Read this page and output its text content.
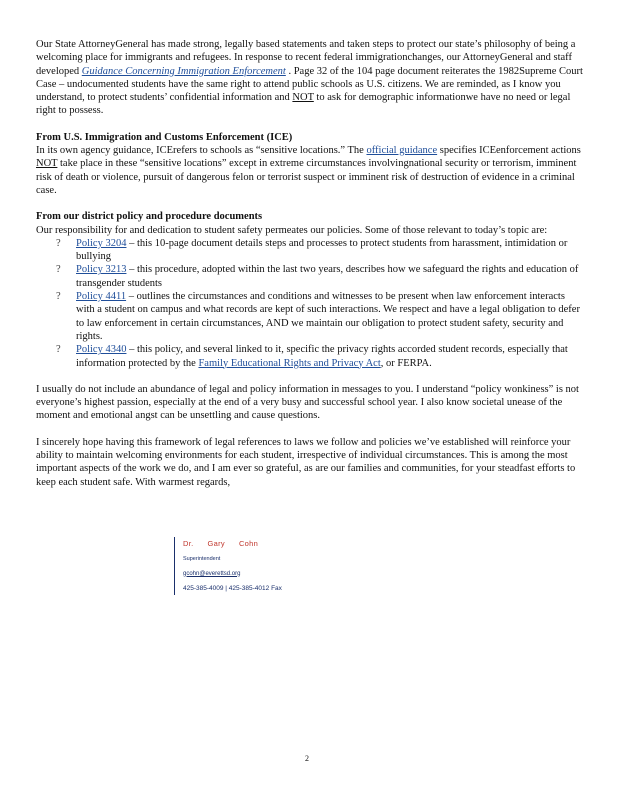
Our State AttorneyGeneral has made strong, legally based statements and taken steps to protect our state’s philosophy of being a welcoming place for immigrants and refugees. In response to recent federal immigrationchanges, our AttorneyGeneral and staff developed Guidance Concerning Immigration Enforcement . Page 32 of the 104 page document reiterates the 1982Supreme Court Case – undocumented students have the same right to attend public schools as U.S. citizens. We are reminded, as I know you understand, to protect students’ confidential information and NOT to ask for demographic informationwe have no need or legal right to possess.

From U.S. Immigration and Customs Enforcement (ICE)

In its own agency guidance, ICErefers to schools as “sensitive locations.” The official guidance specifies ICEenforcement actions NOT take place in these “sensitive locations” except in extreme circumstances involvingnational security or terrorism, imminent risk of death or violence, pursuit of dangerous felon or terrorist suspect or imminent risk of destruction of evidence in a criminal case.

From our district policy and procedure documents

Our responsibility for and dedication to student safety permeates our policies. Some of those relevant to today’s topic are:

? Policy 3204 – this 10-page document details steps and processes to protect students from harassment, intimidation or bullying
? Policy 3213 – this procedure, adopted within the last two years, describes how we safeguard the rights and education of transgender students
? Policy 4411 – outlines the circumstances and conditions and witnesses to be present when law enforcement interacts with a student on campus and what records are kept of such interactions. We respect and have a legal obligation to defer to law enforcement in certain circumstances, AND we maintain our obligation to protect student safety, security and rights.
? Policy 4340 – this policy, and several linked to it, specific the privacy rights accorded student records, especially that information protected by the Family Educational Rights and Privacy Act, or FERPA.

I usually do not include an abundance of legal and policy information in messages to you. I understand “policy wonkiness” is not everyone’s highest passion, especially at the end of a very busy and successful school year. I also know societal unease of the moment and emotional angst can be unsettling and cause questions.

I sincerely hope having this framework of legal references to laws we follow and policies we’ve established will reinforce your ability to maintain welcoming environments for each student, irrespective of individual circumstances. This is among the most important aspects of the work we do, and I am ever so grateful, as are our families and communities, for your steadfast efforts to keep each student safe. With warmest regards,

Dr. Gary Cohn
Superintendent
gcohn@everettsd.org
425-385-4009 | 425-385-4012 Fax
2
